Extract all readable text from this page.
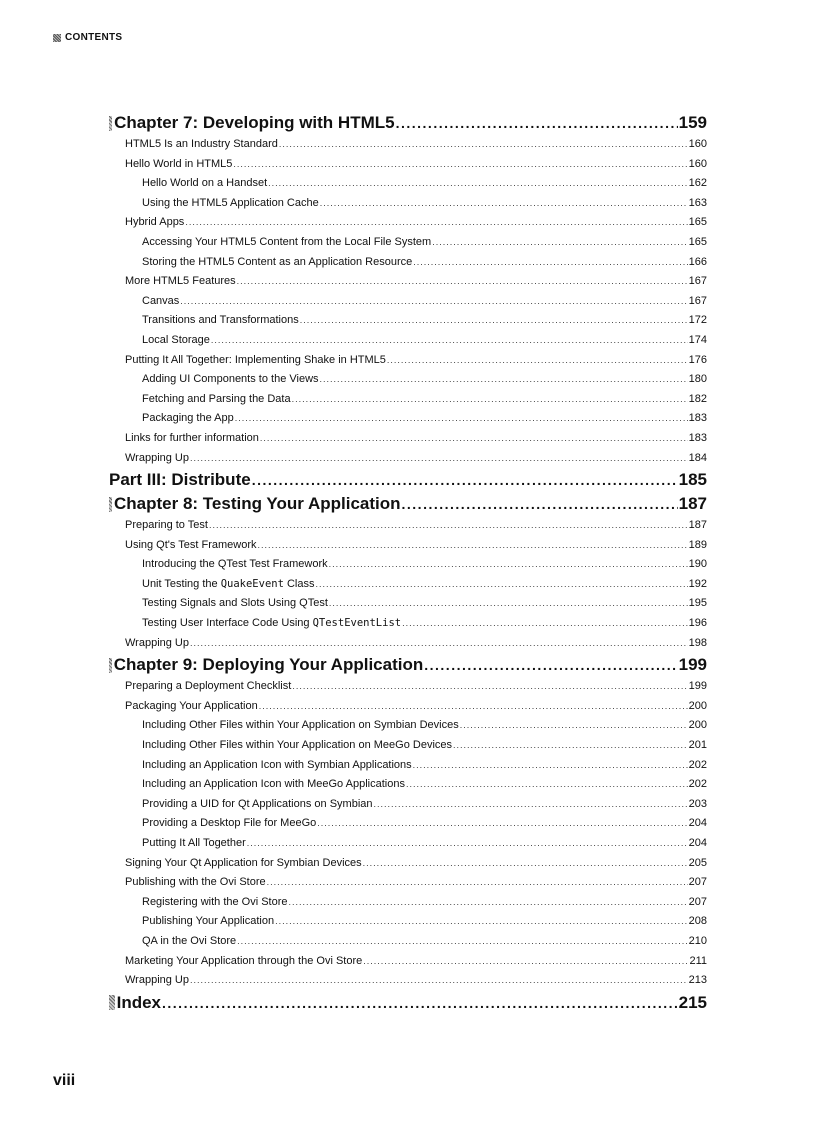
CONTENTS
Chapter 7: Developing with HTML5 .....	159
HTML5 Is an Industry Standard .....	160
Hello World in HTML5 .....	160
Hello World on a Handset .....	162
Using the HTML5 Application Cache .....	163
Hybrid Apps .....	165
Accessing Your HTML5 Content from the Local File System .....	165
Storing the HTML5 Content as an Application Resource .....	166
More HTML5 Features .....	167
Canvas .....	167
Transitions and Transformations .....	172
Local Storage .....	174
Putting It All Together: Implementing Shake in HTML5 .....	176
Adding UI Components to the Views .....	180
Fetching and Parsing the Data .....	182
Packaging the App .....	183
Links for further information .....	183
Wrapping Up .....	184
Part III: Distribute .....	185
Chapter 8: Testing Your Application .....	187
Preparing to Test .....	187
Using Qt's Test Framework .....	189
Introducing the QTest Test Framework .....	190
Unit Testing the QuakeEvent Class .....	192
Testing Signals and Slots Using QTest .....	195
Testing User Interface Code Using QTestEventList .....	196
Wrapping Up .....	198
Chapter 9: Deploying Your Application .....	199
Preparing a Deployment Checklist .....	199
Packaging Your Application .....	200
Including Other Files within Your Application on Symbian Devices .....	200
Including Other Files within Your Application on MeeGo Devices .....	201
Including an Application Icon with Symbian Applications .....	202
Including an Application Icon with MeeGo Applications .....	202
Providing a UID for Qt Applications on Symbian .....	203
Providing a Desktop File for MeeGo .....	204
Putting It All Together .....	204
Signing Your Qt Application for Symbian Devices .....	205
Publishing with the Ovi Store .....	207
Registering with the Ovi Store .....	207
Publishing Your Application .....	208
QA in the Ovi Store .....	210
Marketing Your Application through the Ovi Store .....	211
Wrapping Up .....	213
Index .....	215
viii
